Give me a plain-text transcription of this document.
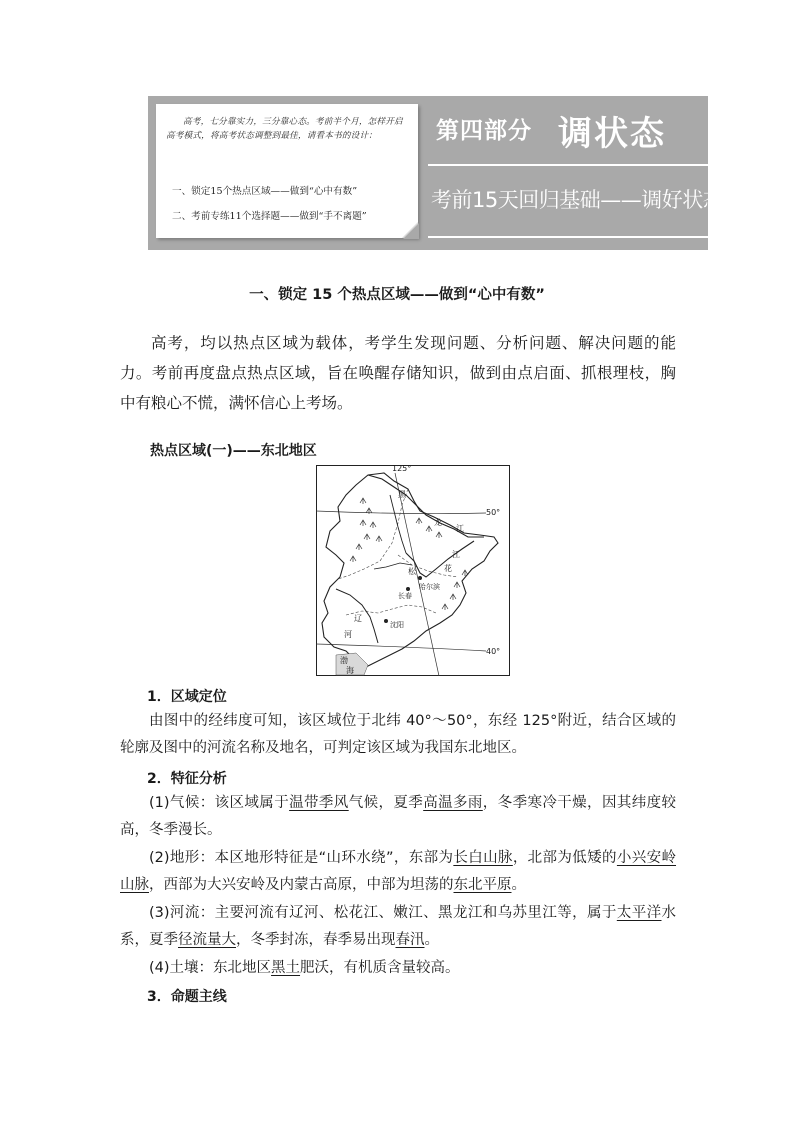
高考，七分靠实力，三分靠心态。考前半个月，怎样开启高考模式，将高考状态调整到最佳，请看本书的设计：
一、锁定15个热点区域——做到“心中有数”
二、考前专练11个选择题——做到“手不离题”
第四部分 调状态
考前15天回归基础——调好状态
一、锁定 15 个热点区域——做到“心中有数”
高考，均以热点区域为载体，考学生发现问题、分析问题、解决问题的能力。考前再度盘点热点区域，旨在唤醒存储知识，做到由点启面、抓根理枝，胸中有粮心不慌，满怀信心上考场。
热点区域(一)——东北地区
125°
50°
40°
黑
龙
江
江
花
松
辽
河
哈尔滨
长春
沈阳
渤
海
1．区域定位
由图中的经纬度可知，该区域位于北纬 40°～50°，东经 125°附近，结合区域的轮廓及图中的河流名称及地名，可判定该区域为我国东北地区。
2．特征分析
(1)气候：该区域属于温带季风气候，夏季高温多雨，冬季寒冷干燥，因其纬度较高，冬季漫长。
(2)地形：本区地形特征是“山环水绕”，东部为长白山脉，北部为低矮的小兴安岭山脉，西部为大兴安岭及内蒙古高原，中部为坦荡的东北平原。
(3)河流：主要河流有辽河、松花江、嫩江、黑龙江和乌苏里江等，属于太平洋水系，夏季径流量大，冬季封冻，春季易出现春汛。
(4)土壤：东北地区黑土肥沃，有机质含量较高。
3．命题主线
